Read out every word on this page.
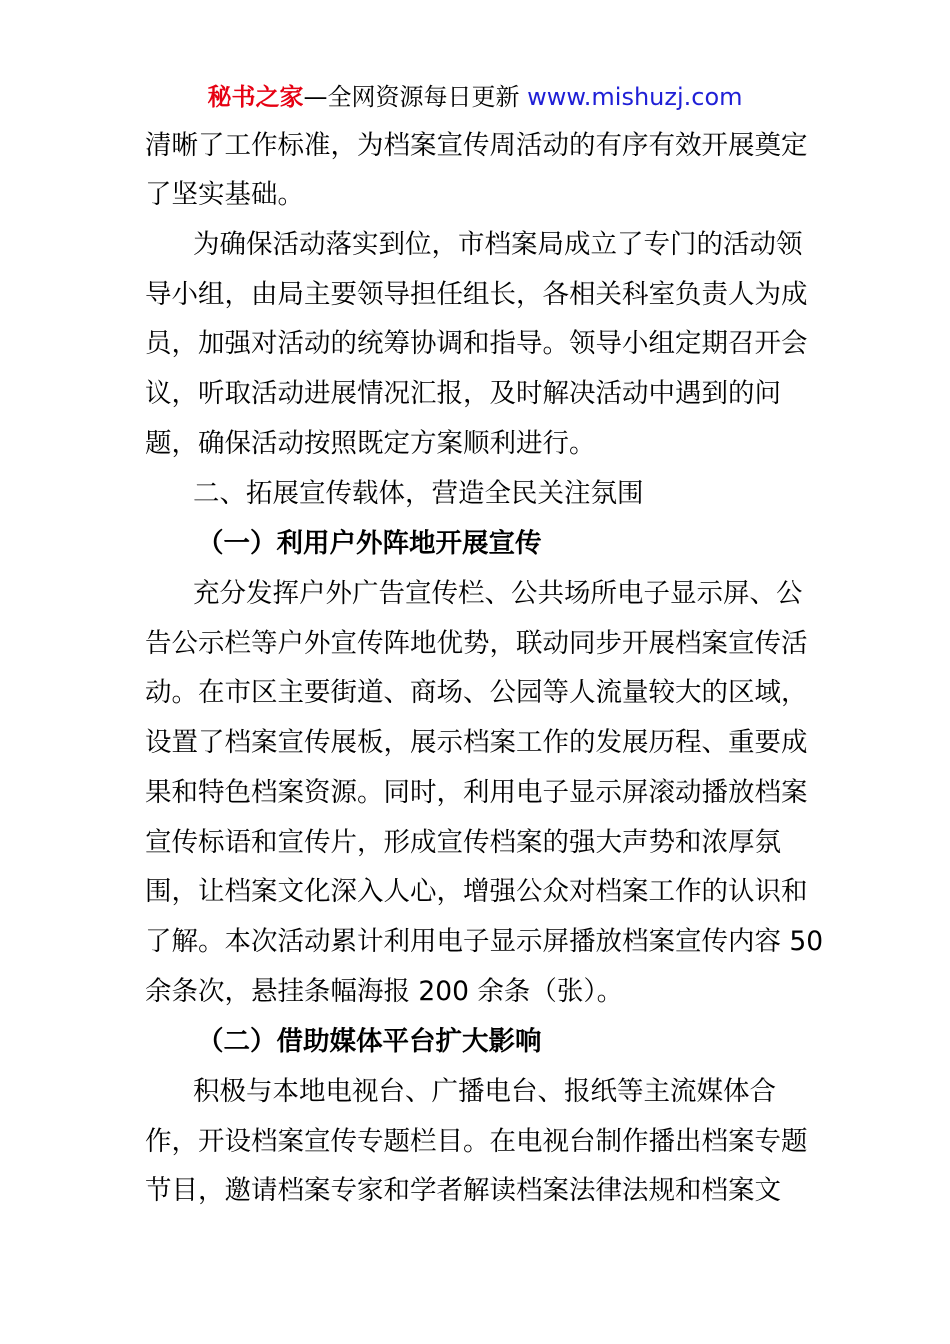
秘书之家—全网资源每日更新 www.mishuzj.com
清晰了工作标准，为档案宣传周活动的有序有效开展奠定
了坚实基础。
为确保活动落实到位，市档案局成立了专门的活动领
导小组，由局主要领导担任组长，各相关科室负责人为成
员，加强对活动的统筹协调和指导。领导小组定期召开会
议，听取活动进展情况汇报，及时解决活动中遇到的问
题，确保活动按照既定方案顺利进行。
二、拓展宣传载体，营造全民关注氛围
（一）利用户外阵地开展宣传
充分发挥户外广告宣传栏、公共场所电子显示屏、公
告公示栏等户外宣传阵地优势，联动同步开展档案宣传活
动。在市区主要街道、商场、公园等人流量较大的区域，
设置了档案宣传展板，展示档案工作的发展历程、重要成
果和特色档案资源。同时，利用电子显示屏滚动播放档案
宣传标语和宣传片，形成宣传档案的强大声势和浓厚氛
围，让档案文化深入人心，增强公众对档案工作的认识和
了解。本次活动累计利用电子显示屏播放档案宣传内容 50
余条次，悬挂条幅海报 200 余条（张）。
（二）借助媒体平台扩大影响
积极与本地电视台、广播电台、报纸等主流媒体合
作，开设档案宣传专题栏目。在电视台制作播出档案专题
节目，邀请档案专家和学者解读档案法律法规和档案文
